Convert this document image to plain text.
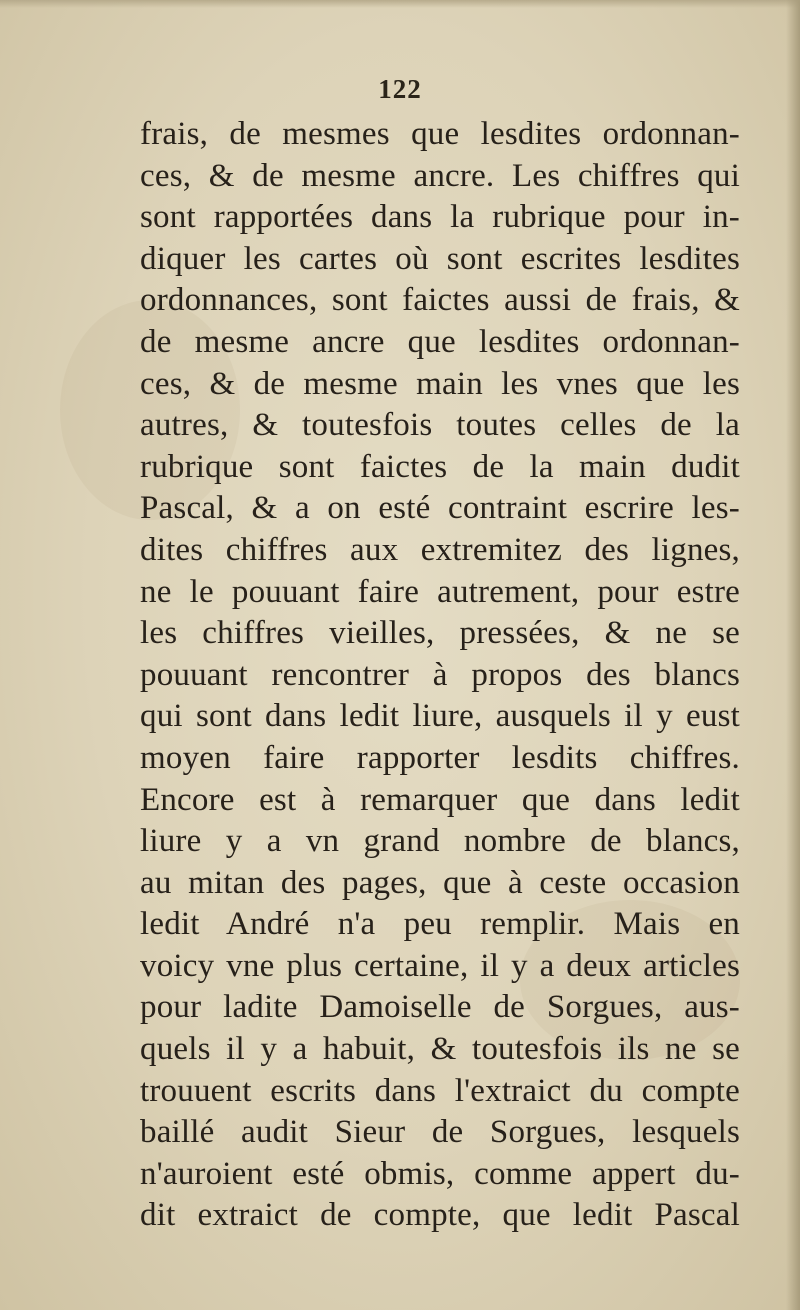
122
frais, de mesmes que lesdites ordonnan-
ces, & de mesme ancre. Les chiffres qui
sont rapportées dans la rubrique pour in-
diquer les cartes où sont escrites lesdites
ordonnances, sont faictes aussi de frais, &
de mesme ancre que lesdites ordonnan-
ces, & de mesme main les vnes que les
autres, & toutesfois toutes celles de la
rubrique sont faictes de la main dudit
Pascal, & a on esté contraint escrire les-
dites chiffres aux extremitez des lignes,
ne le pouuant faire autrement, pour estre
les chiffres vieilles, pressées, & ne se
pouuant rencontrer à propos des blancs
qui sont dans ledit liure, ausquels il y eust
moyen faire rapporter lesdits chiffres.
Encore est à remarquer que dans ledit
liure y a vn grand nombre de blancs,
au mitan des pages, que à ceste occasion
ledit André n'a peu remplir. Mais en
voicy vne plus certaine, il y a deux articles
pour ladite Damoiselle de Sorgues, aus-
quels il y a habuit, & toutesfois ils ne se
trouuent escrits dans l'extraict du compte
baillé audit Sieur de Sorgues, lesquels
n'auroient esté obmis, comme appert du-
dit extraict de compte, que ledit Pascal
